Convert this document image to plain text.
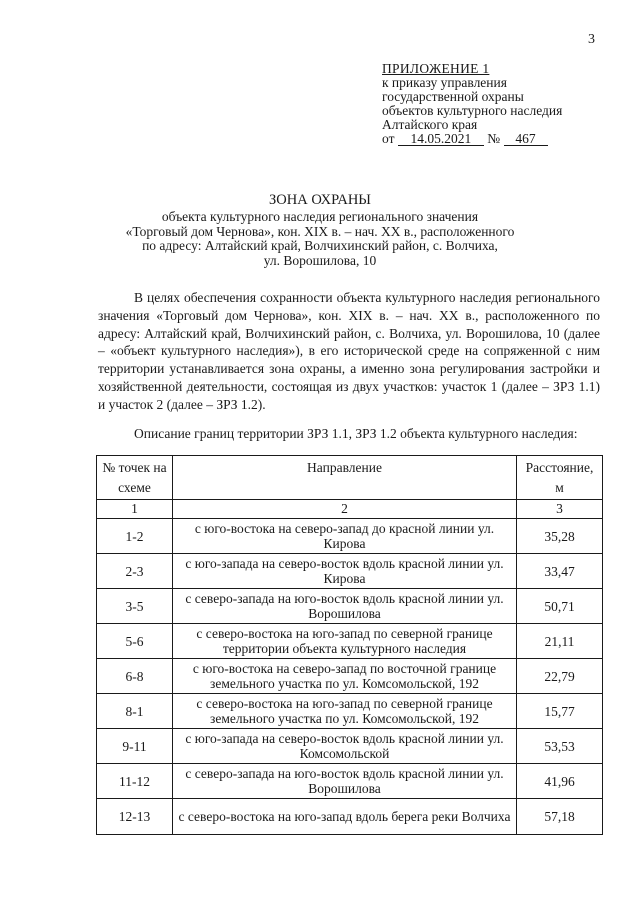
3
ПРИЛОЖЕНИЕ 1
к приказу управления
государственной охраны
объектов культурного наследия
Алтайского края
от 14.05.2021 № 467
ЗОНА ОХРАНЫ
объекта культурного наследия регионального значения
«Торговый дом Чернова», кон. XIX в. – нач. XX в., расположенного
по адресу: Алтайский край, Волчихинский район, с. Волчиха,
ул. Ворошилова, 10

В целях обеспечения сохранности объекта культурного наследия регионального значения «Торговый дом Чернова», кон. XIX в. – нач. XX в., расположенного по адресу: Алтайский край, Волчихинский район, с. Волчиха, ул. Ворошилова, 10 (далее – «объект культурного наследия»), в его исторической среде на сопряженной с ним территории устанавливается зона охраны, а именно зона регулирования застройки и хозяйственной деятельности, состоящая из двух участков: участок 1 (далее – ЗРЗ 1.1) и участок 2 (далее – ЗРЗ 1.2).

Описание границ территории ЗРЗ 1.1, ЗРЗ 1.2 объекта культурного наследия:

№ точек на схеме	Направление	Расстояние, м
1	2	3
1-2	с юго-востока на северо-запад до красной линии ул. Кирова	35,28
2-3	с юго-запада на северо-восток вдоль красной линии ул. Кирова	33,47
3-5	с северо-запада на юго-восток вдоль красной линии ул. Ворошилова	50,71
5-6	с северо-востока на юго-запад по северной границе территории объекта культурного наследия	21,11
6-8	с юго-востока на северо-запад по восточной границе земельного участка по ул. Комсомольской, 192	22,79
8-1	с северо-востока на юго-запад по северной границе земельного участка по ул. Комсомольской, 192	15,77
9-11	с юго-запада на северо-восток вдоль красной линии ул. Комсомольской	53,53
11-12	с северо-запада на юго-восток вдоль красной линии ул. Ворошилова	41,96
12-13	с северо-востока на юго-запад вдоль берега реки Волчиха	57,18
